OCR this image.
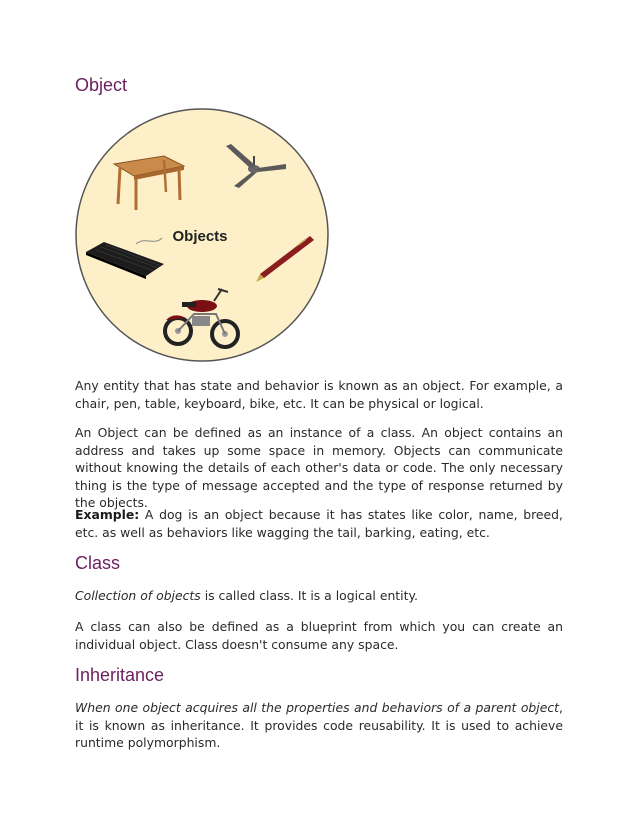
Object
Objects

Any entity that has state and behavior is known as an object. For example, a chair, pen, table, keyboard, bike, etc. It can be physical or logical.

An Object can be defined as an instance of a class. An object contains an address and takes up some space in memory. Objects can communicate without knowing the details of each other's data or code. The only necessary thing is the type of message accepted and the type of response returned by the objects.

Example: A dog is an object because it has states like color, name, breed, etc. as well as behaviors like wagging the tail, barking, eating, etc.

Class

Collection of objects is called class. It is a logical entity.

A class can also be defined as a blueprint from which you can create an individual object. Class doesn't consume any space.

Inheritance

When one object acquires all the properties and behaviors of a parent object, it is known as inheritance. It provides code reusability. It is used to achieve runtime polymorphism.
